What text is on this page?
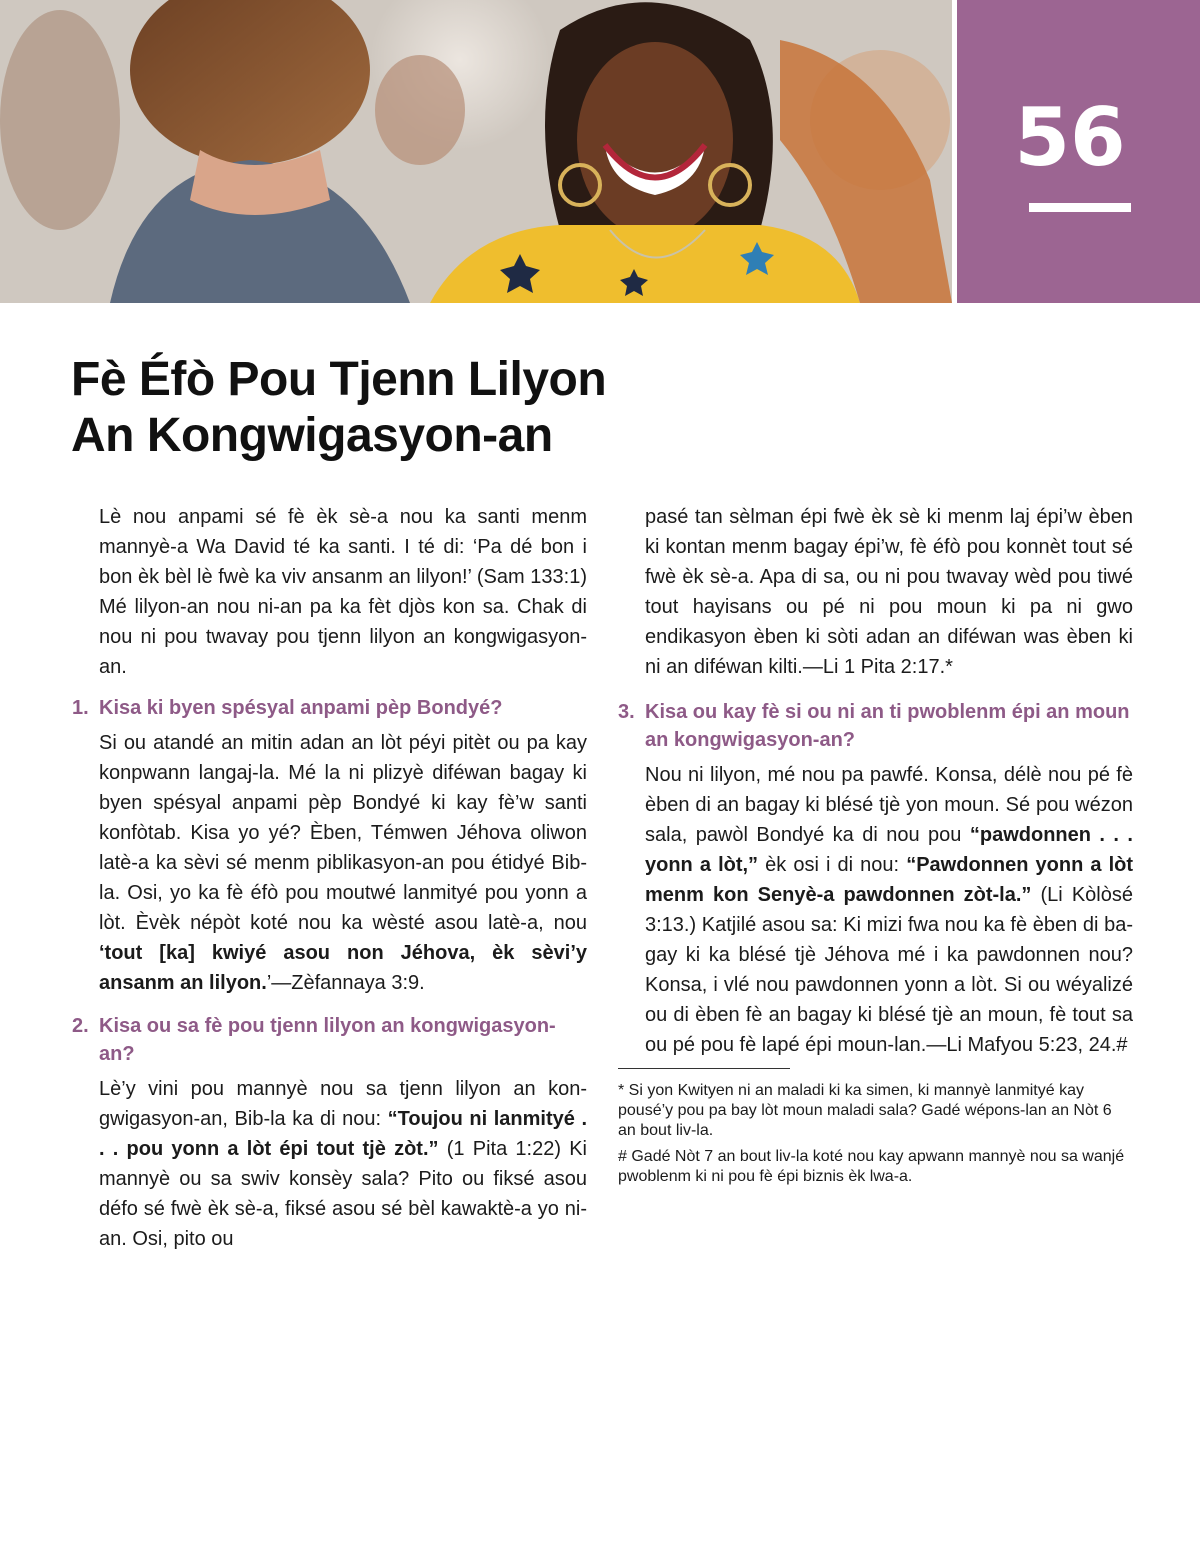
56
Fè Éfò Pou Tjenn Lilyon
An Kongwigasyon-an

Lè nou anpami sé fè èk sè-a nou ka santi menm mannyè-a Wa David té ka santi. I té di: ‘Pa dé bon i bon èk bèl lè fwè ka viv ansanm an lilyon!’ (Sam 133:1) Mé lilyon-an nou ni-an pa ka fèt djòs kon sa. Chak di nou ni pou twavay pou tjenn lilyon an kongwigasyon-an.

1. Kisa ki byen spésyal anpami pèp Bondyé?

Si ou atandé an mitin adan an lòt péyi pitèt ou pa kay konpwann langaj-la. Mé la ni plizyè diféwan bagay ki byen spésyal anpami pèp Bondyé ki kay fè’w santi konfòtab. Kisa yo yé? Èben, Témwen Jéhova oliwon latè-a ka sèvi sé menm piblikasyon-an pou étidyé Bib-la. Osi, yo ka fè éfò pou moutwé lanmityé pou yonn a lòt. Èvèk népòt koté nou ka wèsté asou latè-a, nou ‘tout [ka] kwiyé asou non Jéhova, èk sèvi’y ansanm an lilyon.’—Zèfannaya 3:9.

2. Kisa ou sa fè pou tjenn lilyon an kongwigasyon-an?

Lè’y vini pou mannyè nou sa tjenn lilyon an kongwigasyon-an, Bib-la ka di nou: “Toujou ni lanmityé . . . pou yonn a lòt épi tout tjè zòt.” (1 Pita 1:22) Ki mannyè ou sa swiv konsèy sala? Pito ou fiksé asou défo sé fwè èk sè-a, fiksé asou sé bèl kawaktè-a yo ni-an. Osi, pito ou

pasé tan sèlman épi fwè èk sè ki menm laj épi’w èben ki kontan menm bagay épi’w, fè éfò pou konnèt tout sé fwè èk sè-a. Apa di sa, ou ni pou twavay wèd pou tiwé tout hayisans ou pé ni pou moun ki pa ni gwo endikasyon èben ki sòti adan an diféwan was èben ki ni an diféwan kilti.—Li 1 Pita 2:17.*

3. Kisa ou kay fè si ou ni an ti pwoblenm épi an moun an kongwigasyon-an?

Nou ni lilyon, mé nou pa pawfé. Konsa, délè nou pé fè èben di an bagay ki blésé tjè yon moun. Sé pou wézon sala, pawòl Bondyé ka di nou pou “pawdonnen . . . yonn a lòt,” èk osi i di nou: “Pawdonnen yonn a lòt menm kon Senyè-a pawdonnen zòt-la.” (Li Kòlòsé 3:13.) Katjilé asou sa: Ki mizi fwa nou ka fè èben di bagay ki ka blésé tjè Jéhova mé i ka pawdonnen nou? Konsa, i vlé nou pawdonnen yonn a lòt. Si ou wéyalizé ou di èben fè an bagay ki blésé tjè an moun, fè tout sa ou pé pou fè lapé épi moun-lan.—Li Mafyou 5:23, 24.#

* Si yon Kwityen ni an maladi ki ka simen, ki mannyè lanmityé kay pousé’y pou pa bay lòt moun maladi sala? Gadé wépons-lan an Nòt 6 an bout liv-la.

# Gadé Nòt 7 an bout liv-la koté nou kay apwann mannyè nou sa wanjé pwoblenm ki ni pou fè épi biznis èk lwa-a.
